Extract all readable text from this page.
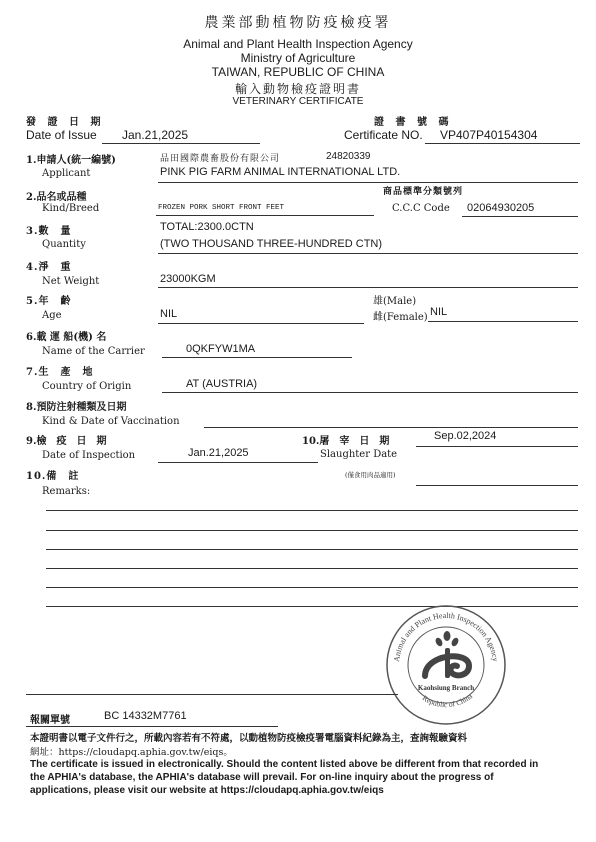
農業部動植物防疫檢疫署
Animal and Plant Health Inspection Agency
Ministry of Agriculture
TAIWAN, REPUBLIC OF CHINA
輸入動物檢疫證明書
VETERINARY CERTIFICATE
發 證 日 期
Date of Issue Jan.21,2025
證 書 號 碼
Certificate NO. VP407P40154304
1.申請人(統一編號)
Applicant
品田國際農畜股份有限公司	24820339
PINK PIG FARM ANIMAL INTERNATIONAL LTD.
2.品名或品種
Kind/Breed	FROZEN PORK SHORT FRONT FEET
商品標準分類號列
C.C.C Code 02064930205
3.數　量
Quantity
TOTAL:2300.0CTN
(TWO THOUSAND THREE-HUNDRED CTN)
4.淨　重
Net Weight	23000KGM
5.年　齡
Age	NIL
雄(Male)
雌(Female) NIL
6.載 運 船(機) 名
Name of the Carrier	0QKFYW1MA
7.生　產　地
Country of Origin	AT (AUSTRIA)
8.預防注射種類及日期
Kind & Date of Vaccination
9.檢　疫　日　期
Date of Inspection	Jan.21,2025
10.屠　宰　日　期
Slaughter Date
Sep.02,2024
(僅食用肉品適用)
10.備　註
Remarks:
Animal and Plant Health Inspection Agency
Republic of China
Kaohsiung Branch
報關單號	BC 14332M7761
本證明書以電子文件行之，所載內容若有不符處，以動植物防疫檢疫署電腦資料紀錄為主，查詢報驗資料
網址：https://cloudapq.aphia.gov.tw/eiqs。
The certificate is issued in electronically. Should the content listed above be different from that recorded in
the APHIA's database, the APHIA's database will prevail. For on-line inquiry about the progress of
applications, please visit our website at https://cloudapq.aphia.gov.tw/eiqs
